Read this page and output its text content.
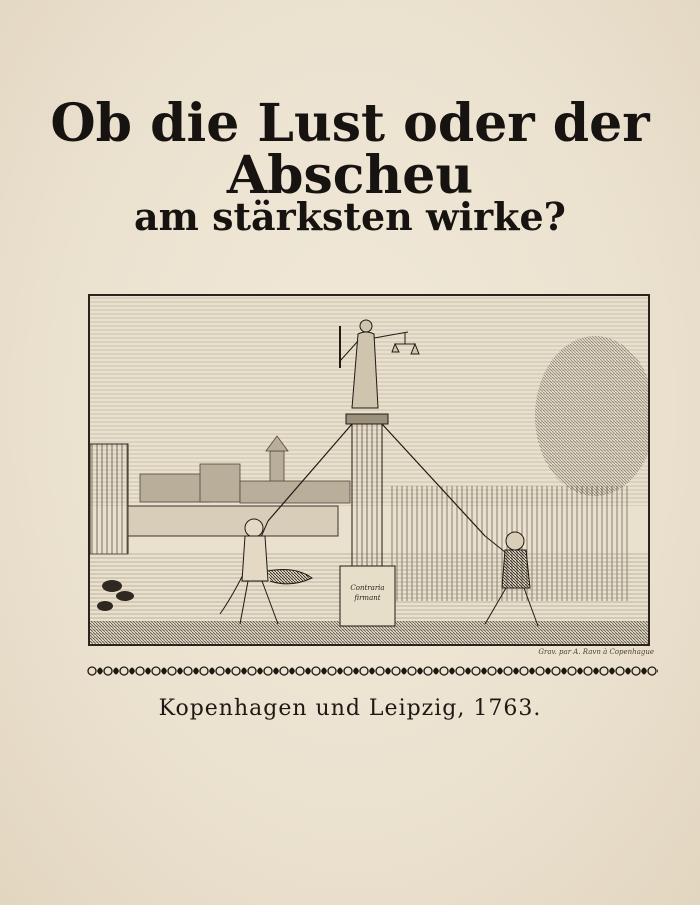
Ob die Lust oder der Abscheu
am stärksten wirke?
Contraria
firmant
Grav. par A. Ravn à Copenhague
Kopenhagen und Leipzig, 1763.
